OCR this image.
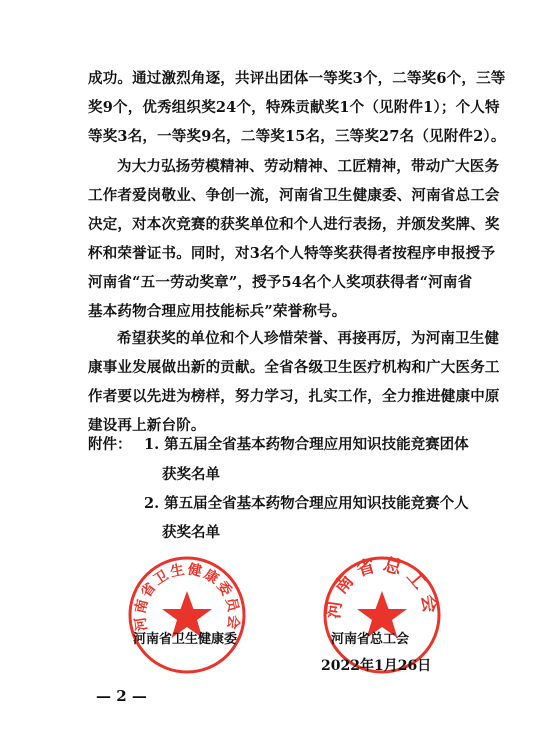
成功。通过激烈角逐，共评出团体一等奖3个，二等奖6个，三等
奖9个，优秀组织奖24个，特殊贡献奖1个（见附件1）；个人特
等奖3名，一等奖9名，二等奖15名，三等奖27名（见附件2）。
为大力弘扬劳模精神、劳动精神、工匠精神，带动广大医务
工作者爱岗敬业、争创一流，河南省卫生健康委、河南省总工会
决定，对本次竞赛的获奖单位和个人进行表扬，并颁发奖牌、奖
杯和荣誉证书。同时，对3名个人特等奖获得者按程序申报授予
河南省“五一劳动奖章”，授予54名个人奖项获得者“河南省
基本药物合理应用技能标兵”荣誉称号。
希望获奖的单位和个人珍惜荣誉、再接再厉，为河南卫生健
康事业发展做出新的贡献。全省各级卫生医疗机构和广大医务工
作者要以先进为榜样，努力学习，扎实工作，全力推进健康中原
建设再上新台阶。
附件： 1. 第五届全省基本药物合理应用知识技能竞赛团体
获奖名单
2. 第五届全省基本药物合理应用知识技能竞赛个人
获奖名单
河南省卫生健康委员会
河南省卫生健康委
河南省总工会
河南省总工会
2022年1月26日
— 2 —
